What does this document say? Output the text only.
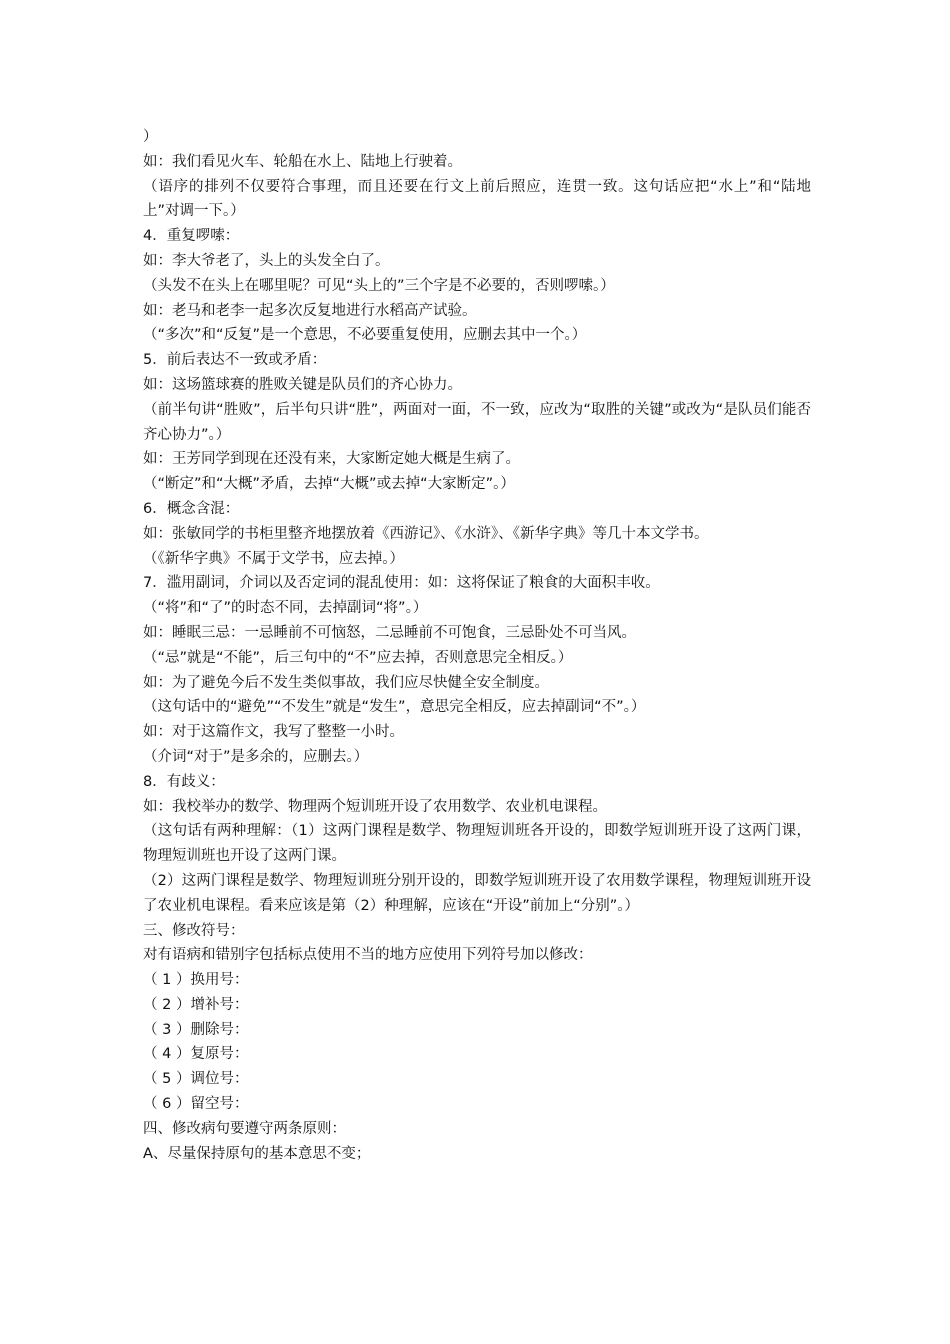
）

如：我们看见火车、轮船在水上、陆地上行驶着。

（语序的排列不仅要符合事理，而且还要在行文上前后照应，连贯一致。这句话应把“水上”和“陆地上”对调一下。）

4．重复啰嗦：

如：李大爷老了，头上的头发全白了。

（头发不在头上在哪里呢？可见“头上的”三个字是不必要的，否则啰嗦。）

如：老马和老李一起多次反复地进行水稻高产试验。

（“多次”和“反复”是一个意思，不必要重复使用，应删去其中一个。）

5．前后表达不一致或矛盾：

如：这场篮球赛的胜败关键是队员们的齐心协力。

（前半句讲“胜败”，后半句只讲“胜”，两面对一面，不一致，应改为“取胜的关键”或改为“是队员们能否齐心协力”。）

如：王芳同学到现在还没有来，大家断定她大概是生病了。

（“断定”和“大概”矛盾，去掉“大概”或去掉“大家断定”。）

6．概念含混：

如：张敏同学的书柜里整齐地摆放着《西游记》、《水浒》、《新华字典》等几十本文学书。

（《新华字典》不属于文学书，应去掉。）

7．滥用副词，介词以及否定词的混乱使用：如：这将保证了粮食的大面积丰收。

（“将”和“了”的时态不同，去掉副词“将”。）

如：睡眠三忌：一忌睡前不可恼怒，二忌睡前不可饱食，三忌卧处不可当风。

（“忌”就是“不能”，后三句中的“不”应去掉，否则意思完全相反。）

如：为了避免今后不发生类似事故，我们应尽快健全安全制度。

（这句话中的“避免”“不发生”就是“发生”，意思完全相反，应去掉副词“不”。）

如：对于这篇作文，我写了整整一小时。

（介词“对于”是多余的，应删去。）

8．有歧义：

如：我校举办的数学、物理两个短训班开设了农用数学、农业机电课程。

（这句话有两种理解：（1）这两门课程是数学、物理短训班各开设的，即数学短训班开设了这两门课，物理短训班也开设了这两门课。

（2）这两门课程是数学、物理短训班分别开设的，即数学短训班开设了农用数学课程，物理短训班开设了农业机电课程。看来应该是第（2）种理解，应该在“开设”前加上“分别”。）

三、修改符号：

对有语病和错别字包括标点使用不当的地方应使用下列符号加以修改：

（ 1 ）换用号：

（ 2 ）增补号：

（ 3 ）删除号：

（ 4 ）复原号：

（ 5 ）调位号：

（ 6 ）留空号：

四、修改病句要遵守两条原则：

A、尽量保持原句的基本意思不变；
